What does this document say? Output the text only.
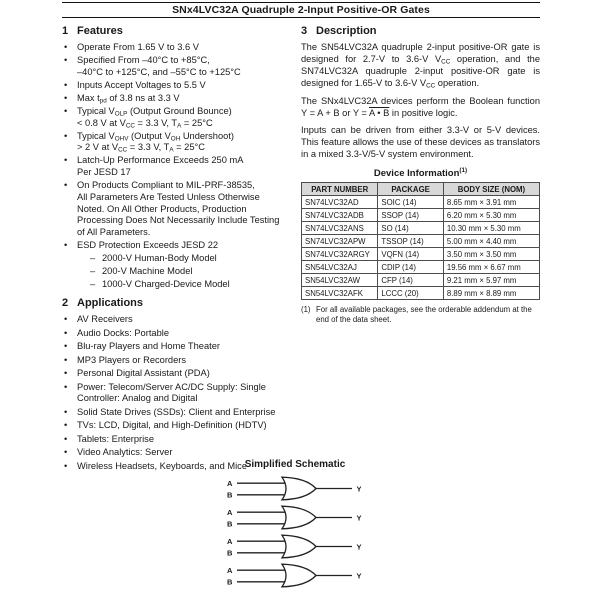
SNx4LVC32A Quadruple 2-Input Positive-OR Gates
1 Features
•	Operate From 1.65 V to 3.6 V
•	Specified From –40°C to +85°C,
–40°C to +125°C, and –55°C to +125°C
•	Inputs Accept Voltages to 5.5 V
•	Max $t_{pd}$ of 3.8 ns at 3.3 V
•	Typical $V_{OLP}$ (Output Ground Bounce)
< 0.8 V at $V_{CC} = 3.3$ V, $T_A = 25^\circ C$
•	Typical $V_{OHV}$ (Output $V_{OH}$ Undershoot)
> 2 V at $V_{CC} = 3.3$ V, $T_A = 25^\circ C$
•	Latch-Up Performance Exceeds 250 mA
Per JESD 17
•	On Products Compliant to MIL-PRF-38535,
All Parameters Are Tested Unless Otherwise
Noted. On All Other Products, Production
Processing Does Not Necessarily Include Testing
of All Parameters.
•	ESD Protection Exceeds JESD 22
– 2000-V Human-Body Model
– 200-V Machine Model
– 1000-V Charged-Device Model
2 Applications
•	AV Receivers
•	Audio Docks: Portable
•	Blu-ray Players and Home Theater
•	MP3 Players or Recorders
•	Personal Digital Assistant (PDA)
•	Power: Telecom/Server AC/DC Supply: Single
Controller: Analog and Digital
•	Solid State Drives (SSDs): Client and Enterprise
•	TVs: LCD, Digital, and High-Definition (HDTV)
•	Tablets: Enterprise
•	Video Analytics: Server
•	Wireless Headsets, Keyboards, and Mice
3 Description

The SN54LVC32A quadruple 2-input positive-OR gate is designed for 2.7-V to 3.6-V $V_{CC}$ operation, and the SN74LVC32A quadruple 2-input positive-OR gate is designed for 1.65-V to 3.6-V $V_{CC}$ operation.

The SNx4LVC32A devices perform the Boolean function Y = A + B or Y = A • B in positive logic.

Inputs can be driven from either 3.3-V or 5-V devices. This feature allows the use of these devices as translators in a mixed 3.3-V/5-V system environment.

Device Information$^{(1)}$
PART NUMBER	PACKAGE	BODY SIZE (NOM)
SN74LVC32AD	SOIC (14)	8.65 mm × 3.91 mm
SN74LVC32ADB	SSOP (14)	6.20 mm × 5.30 mm
SN74LVC32ANS	SO (14)	10.30 mm × 5.30 mm
SN74LVC32APW	TSSOP (14)	5.00 mm × 4.40 mm
SN74LVC32ARGY	VQFN (14)	3.50 mm × 3.50 mm
SN54LVC32AJ	CDIP (14)	19.56 mm × 6.67 mm
SN54LVC32AW	CFP (14)	9.21 mm × 5.97 mm
SN54LVC32AFK	LCCC (20)	8.89 mm × 8.89 mm
(1) For all available packages, see the orderable addendum at the end of the data sheet.
Simplified Schematic
A
B
Y
A
B
Y
A
B
Y
A
B
Y
